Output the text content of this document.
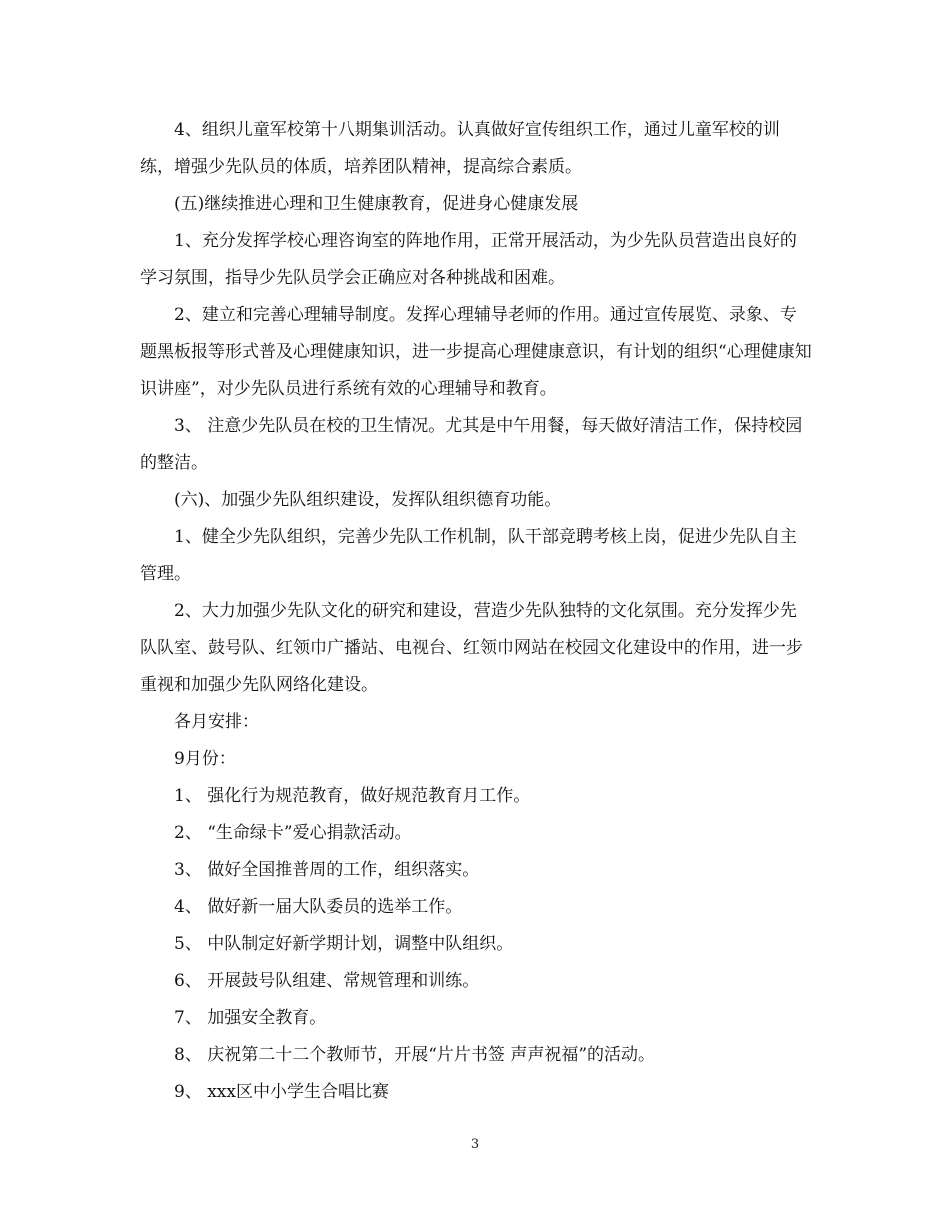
4、组织儿童军校第十八期集训活动。认真做好宣传组织工作，通过儿童军校的训练，增强少先队员的体质，培养团队精神，提高综合素质。

(五)继续推进心理和卫生健康教育，促进身心健康发展

1、充分发挥学校心理咨询室的阵地作用，正常开展活动，为少先队员营造出良好的学习氛围，指导少先队员学会正确应对各种挑战和困难。

2、建立和完善心理辅导制度。发挥心理辅导老师的作用。通过宣传展览、录象、专题黑板报等形式普及心理健康知识，进一步提高心理健康意识，有计划的组织“心理健康知识讲座”，对少先队员进行系统有效的心理辅导和教育。

3、 注意少先队员在校的卫生情况。尤其是中午用餐，每天做好清洁工作，保持校园的整洁。

(六)、加强少先队组织建设，发挥队组织德育功能。

1、健全少先队组织，完善少先队工作机制，队干部竞聘考核上岗，促进少先队自主管理。

2、大力加强少先队文化的研究和建设，营造少先队独特的文化氛围。充分发挥少先队队室、鼓号队、红领巾广播站、电视台、红领巾网站在校园文化建设中的作用，进一步重视和加强少先队网络化建设。

各月安排：

9月份：

1、 强化行为规范教育，做好规范教育月工作。

2、 “生命绿卡”爱心捐款活动。

3、 做好全国推普周的工作，组织落实。

4、 做好新一届大队委员的选举工作。

5、 中队制定好新学期计划，调整中队组织。

6、 开展鼓号队组建、常规管理和训练。

7、 加强安全教育。

8、 庆祝第二十二个教师节，开展“片片书签 声声祝福”的活动。

9、 xxx区中小学生合唱比赛

3
